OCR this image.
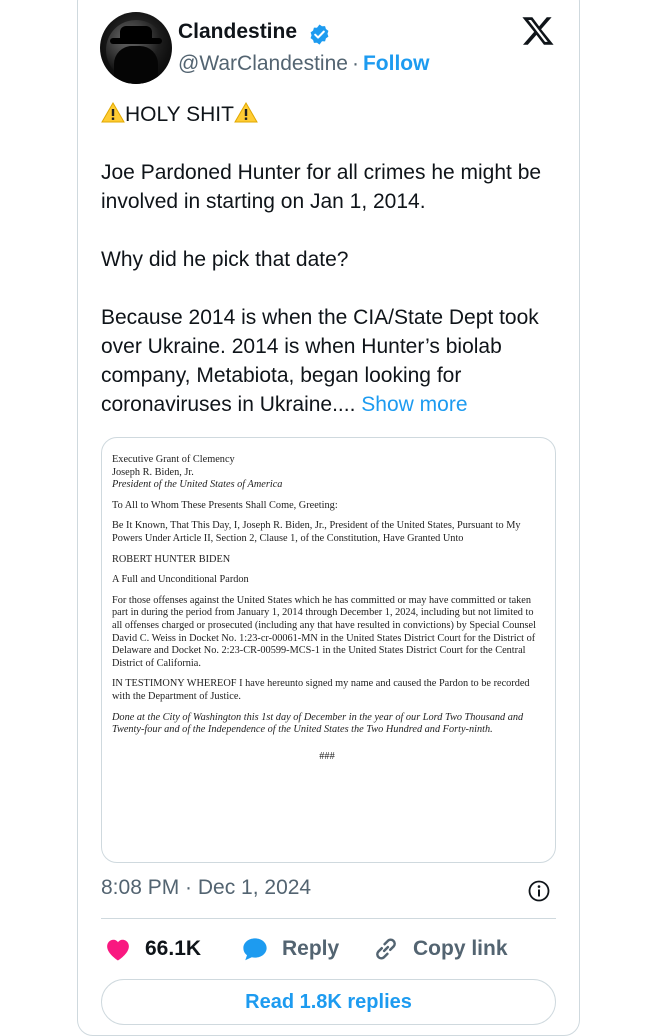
Clandestine
@WarClandestine · Follow

HOLY SHIT

Joe Pardoned Hunter for all crimes he might be involved in starting on Jan 1, 2014.

Why did he pick that date?

Because 2014 is when the CIA/State Dept took over Ukraine. 2014 is when Hunter’s biolab company, Metabiota, began looking for coronaviruses in Ukraine.... Show more

Executive Grant of Clemency
Joseph R. Biden, Jr.
President of the United States of America

To All to Whom These Presents Shall Come, Greeting:

Be It Known, That This Day, I, Joseph R. Biden, Jr., President of the United States, Pursuant to My Powers Under Article II, Section 2, Clause 1, of the Constitution, Have Granted Unto

ROBERT HUNTER BIDEN

A Full and Unconditional Pardon

For those offenses against the United States which he has committed or may have committed or taken part in during the period from January 1, 2014 through December 1, 2024, including but not limited to all offenses charged or prosecuted (including any that have resulted in convictions) by Special Counsel David C. Weiss in Docket No. 1:23-cr-00061-MN in the United States District Court for the District of Delaware and Docket No. 2:23-CR-00599-MCS-1 in the United States District Court for the Central District of California.

IN TESTIMONY WHEREOF I have hereunto signed my name and caused the Pardon to be recorded with the Department of Justice.

Done at the City of Washington this 1st day of December in the year of our Lord Two Thousand and Twenty-four and of the Independence of the United States the Two Hundred and Forty-ninth.

###

8:08 PM · Dec 1, 2024
66.1K	Reply	Copy link
Read 1.8K replies
